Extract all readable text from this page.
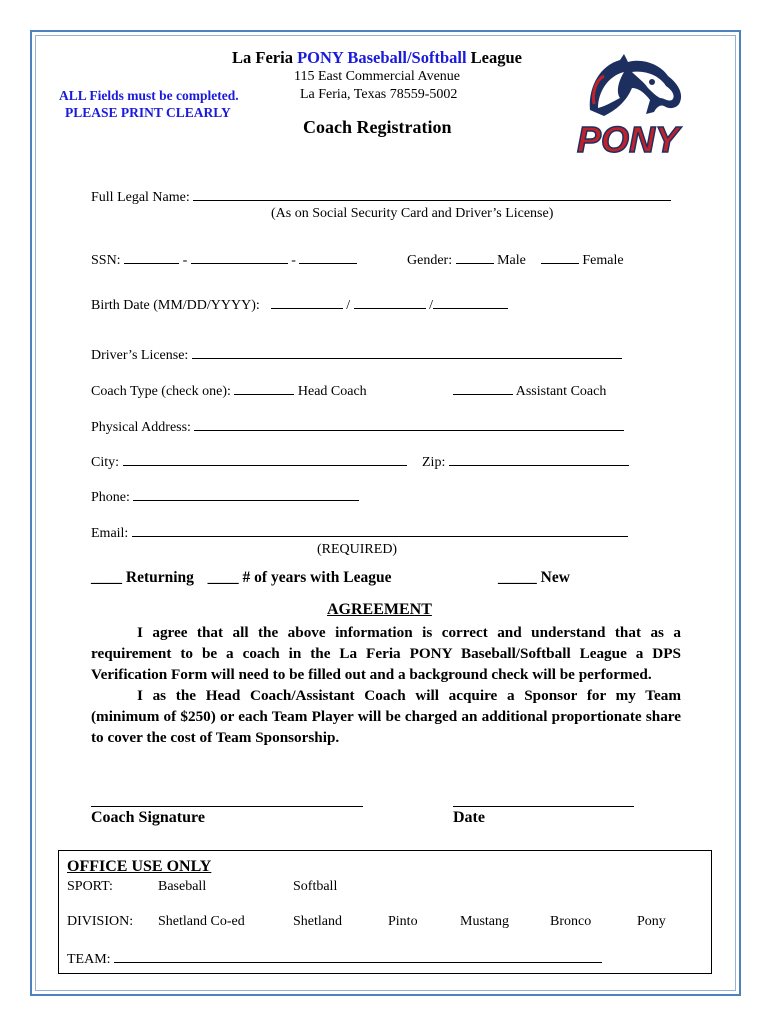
La Feria PONY Baseball/Softball League
115 East Commercial Avenue
La Feria, Texas 78559-5002
ALL Fields must be completed.
PLEASE PRINT CLEARLY
Coach Registration	PONY
Full Legal Name:
(As on Social Security Card and Driver’s License)
SSN:	-	-	Gender:	Male	Female
Birth Date (MM/DD/YYYY):	/	/
Driver’s License:
Coach Type (check one):	Head Coach	Assistant Coach
Physical Address:
City:	Zip:
Phone:
Email:
(REQUIRED)
____ Returning ____ # of years with League	_____ New
AGREEMENT

I agree that all the above information is correct and understand that as a requirement to be a coach in the La Feria PONY Baseball/Softball League a DPS Verification Form will need to be filled out and a background check will be performed.

I as the Head Coach/Assistant Coach will acquire a Sponsor for my Team (minimum of $250) or each Team Player will be charged an additional proportionate share to cover the cost of Team Sponsorship.

Coach Signature	Date
OFFICE USE ONLY
SPORT:	Baseball	Softball
DIVISION: Shetland Co-ed	Shetland	Pinto	Mustang	Bronco	Pony
TEAM:
